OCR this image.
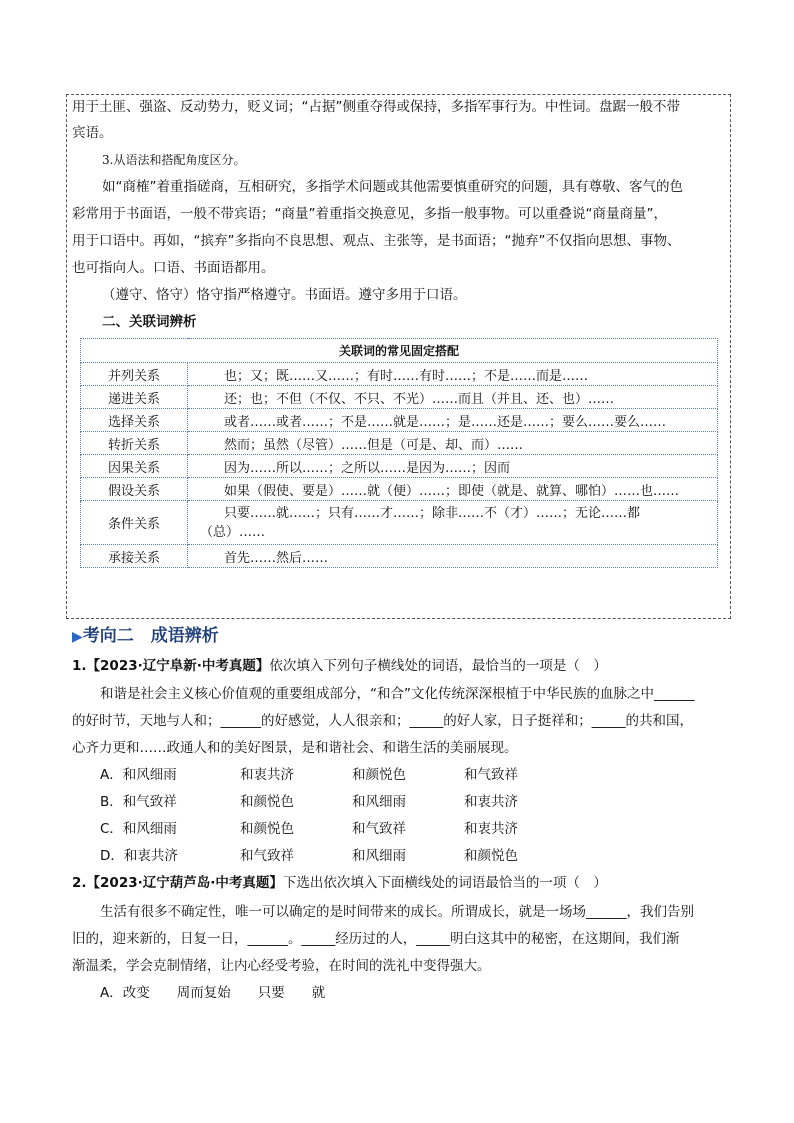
用于土匪、强盗、反动势力，贬义词；“占据”侧重夺得或保持，多指军事行为。中性词。盘踞一般不带
宾语。
3.从语法和搭配角度区分。
如“商榷”着重指磋商，互相研究，多指学术问题或其他需要慎重研究的问题，具有尊敬、客气的色
彩常用于书面语，一般不带宾语；“商量”着重指交换意见，多指一般事物。可以重叠说“商量商量”，
用于口语中。再如，“摈弃”多指向不良思想、观点、主张等，是书面语；“抛弃”不仅指向思想、事物、
也可指向人。口语、书面语都用。
（遵守、恪守）恪守指严格遵守。书面语。遵守多用于口语。
二、关联词辨析
关联词的常见固定搭配	
并列关系	也；又；既……又……；有时……有时……；不是……而是……
递进关系	还；也；不但（不仅、不只、不光）……而且（并且、还、也）……
选择关系	或者……或者……；不是……就是……；是……还是……；要么……要么……
转折关系	然而；虽然（尽管）……但是（可是、却、而）……
因果关系	因为……所以……；之所以……是因为……；因而
假设关系	如果（假使、要是）……就（便）……；即使（就是、就算、哪怕）……也……
条件关系	只要……就……；只有……才……；除非……不（才）……；无论……都
（总）……

承接关系	首先……然后……
▶考向二　成语辨析
1.【2023·辽宁阜新·中考真题】依次填入下列句子横线处的词语，最恰当的一项是（　）
和谐是社会主义核心价值观的重要组成部分，“和合”文化传统深深根植于中华民族的血脉之中______
的好时节，天地与人和；______的好感觉，人人很亲和；_____的好人家，日子挺祥和；_____的共和国，
心齐力更和……政通人和的美好图景，是和谐社会、和谐生活的美丽展现。
A．和风细雨	和衷共济	和颜悦色	和气致祥
B．和气致祥	和颜悦色	和风细雨	和衷共济
C．和风细雨	和颜悦色	和气致祥	和衷共济
D．和衷共济	和气致祥	和风细雨	和颜悦色
2.【2023·辽宁葫芦岛·中考真题】下选出依次填入下面横线处的词语最恰当的一项（　）
生活有很多不确定性，唯一可以确定的是时间带来的成长。所谓成长，就是一场场______，我们告别
旧的，迎来新的，日复一日，______。_____经历过的人，_____明白这其中的秘密，在这期间，我们渐
渐温柔，学会克制情绪，让内心经受考验，在时间的洗礼中变得强大。
A．改变　　周而复始　　只要　　就
